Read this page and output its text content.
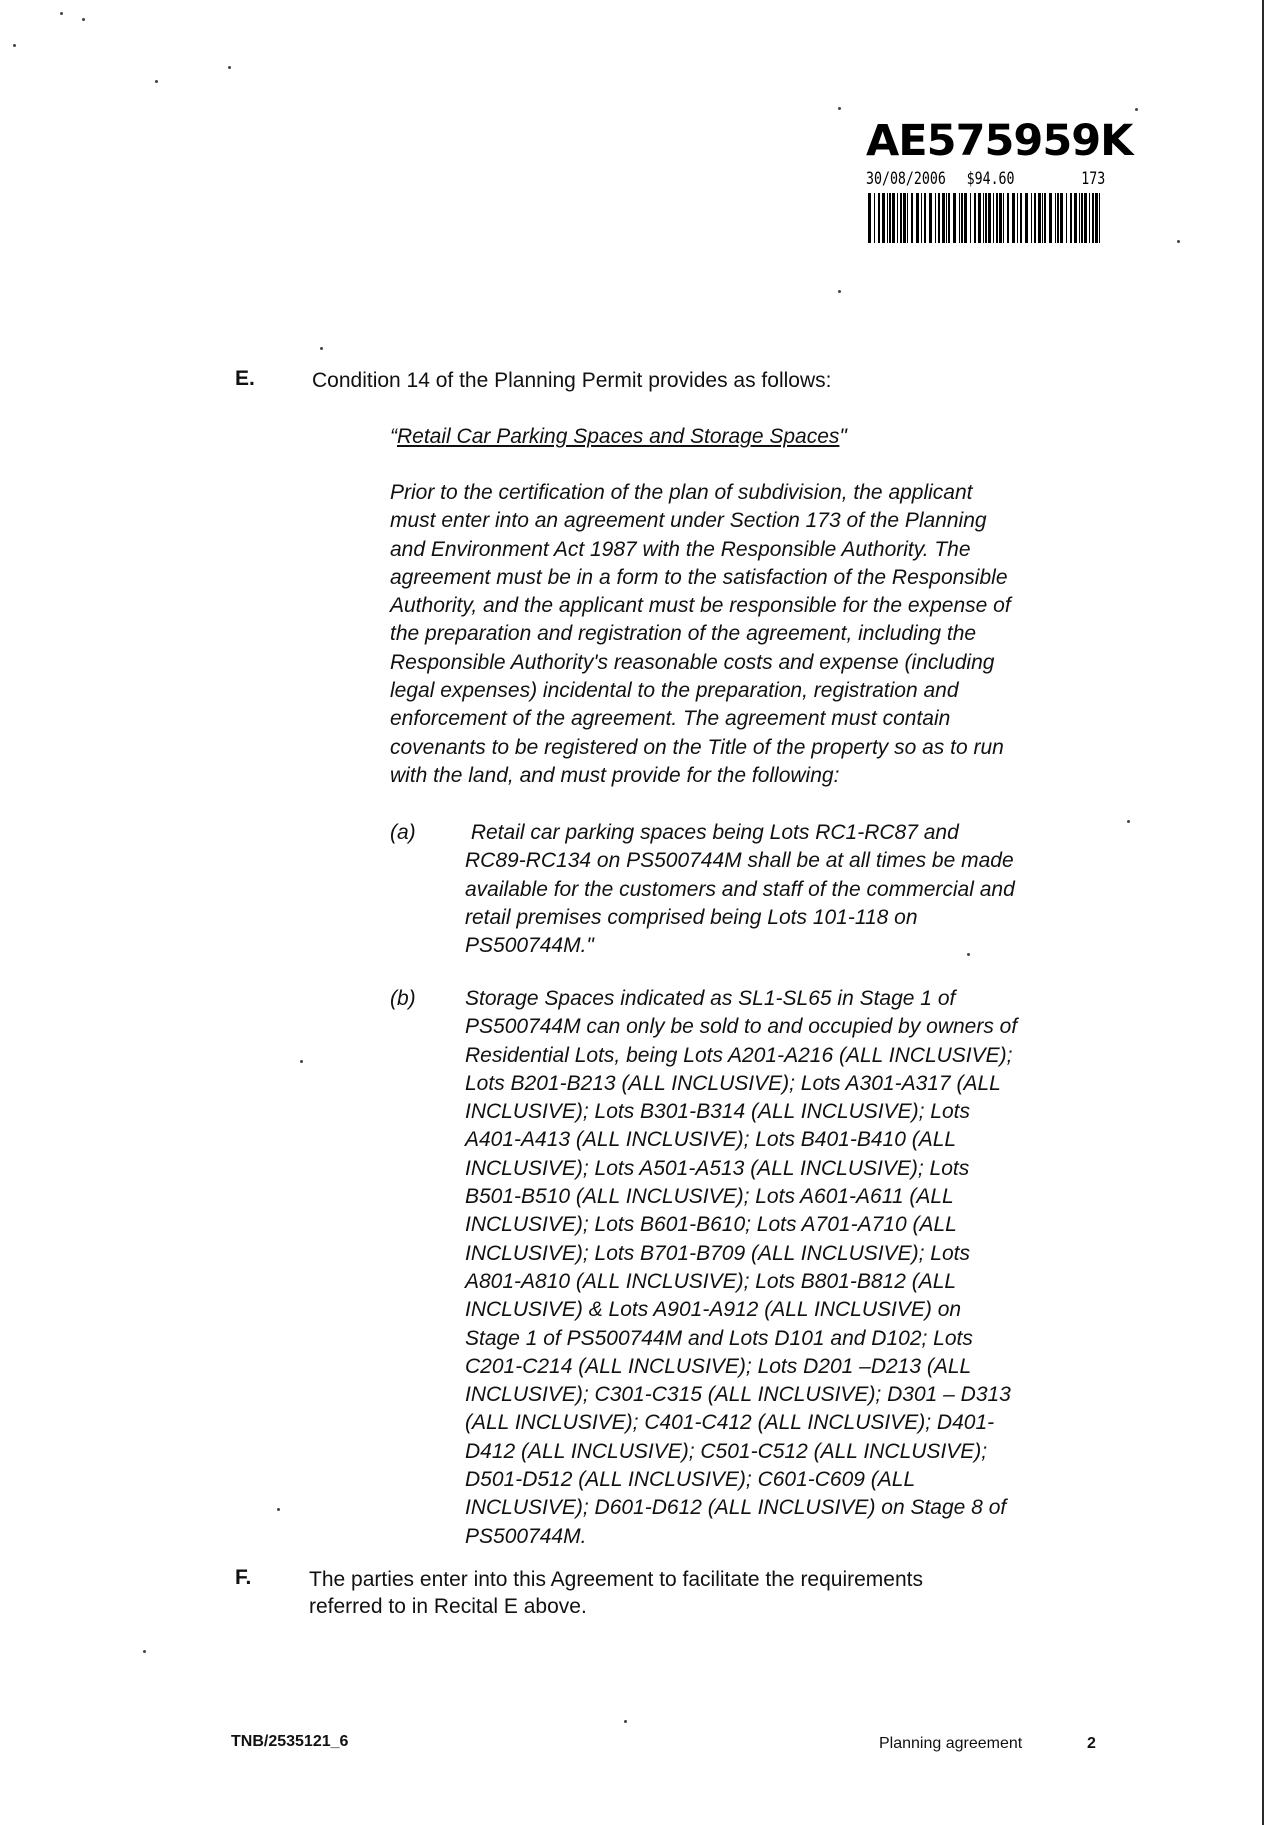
AE575959K
30/08/2006 $94.60	173
E.	Condition 14 of the Planning Permit provides as follows:
“Retail Car Parking Spaces and Storage Spaces"
Prior to the certification of the plan of subdivision, the applicant
must enter into an agreement under Section 173 of the Planning
and Environment Act 1987 with the Responsible Authority. The
agreement must be in a form to the satisfaction of the Responsible
Authority, and the applicant must be responsible for the expense of
the preparation and registration of the agreement, including the
Responsible Authority's reasonable costs and expense (including
legal expenses) incidental to the preparation, registration and
enforcement of the agreement. The agreement must contain
covenants to be registered on the Title of the property so as to run
with the land, and must provide for the following:
(a) Retail car parking spaces being Lots RC1-RC87 and
RC89-RC134 on PS500744M shall be at all times be made
available for the customers and staff of the commercial and
retail premises comprised being Lots 101-118 on
PS500744M."
(b) Storage Spaces indicated as SL1-SL65 in Stage 1 of
PS500744M can only be sold to and occupied by owners of
Residential Lots, being Lots A201-A216 (ALL INCLUSIVE);
Lots B201-B213 (ALL INCLUSIVE); Lots A301-A317 (ALL
INCLUSIVE); Lots B301-B314 (ALL INCLUSIVE); Lots
A401-A413 (ALL INCLUSIVE); Lots B401-B410 (ALL
INCLUSIVE); Lots A501-A513 (ALL INCLUSIVE); Lots
B501-B510 (ALL INCLUSIVE); Lots A601-A611 (ALL
INCLUSIVE); Lots B601-B610; Lots A701-A710 (ALL
INCLUSIVE); Lots B701-B709 (ALL INCLUSIVE); Lots
A801-A810 (ALL INCLUSIVE); Lots B801-B812 (ALL
INCLUSIVE) & Lots A901-A912 (ALL INCLUSIVE) on
Stage 1 of PS500744M and Lots D101 and D102; Lots
C201-C214 (ALL INCLUSIVE); Lots D201 –D213 (ALL
INCLUSIVE); C301-C315 (ALL INCLUSIVE); D301 – D313
(ALL INCLUSIVE); C401-C412 (ALL INCLUSIVE); D401-
D412 (ALL INCLUSIVE); C501-C512 (ALL INCLUSIVE);
D501-D512 (ALL INCLUSIVE); C601-C609 (ALL
INCLUSIVE); D601-D612 (ALL INCLUSIVE) on Stage 8 of
PS500744M.
F.	The parties enter into this Agreement to facilitate the requirements
referred to in Recital E above.
TNB/2535121_6	Planning agreement	2
